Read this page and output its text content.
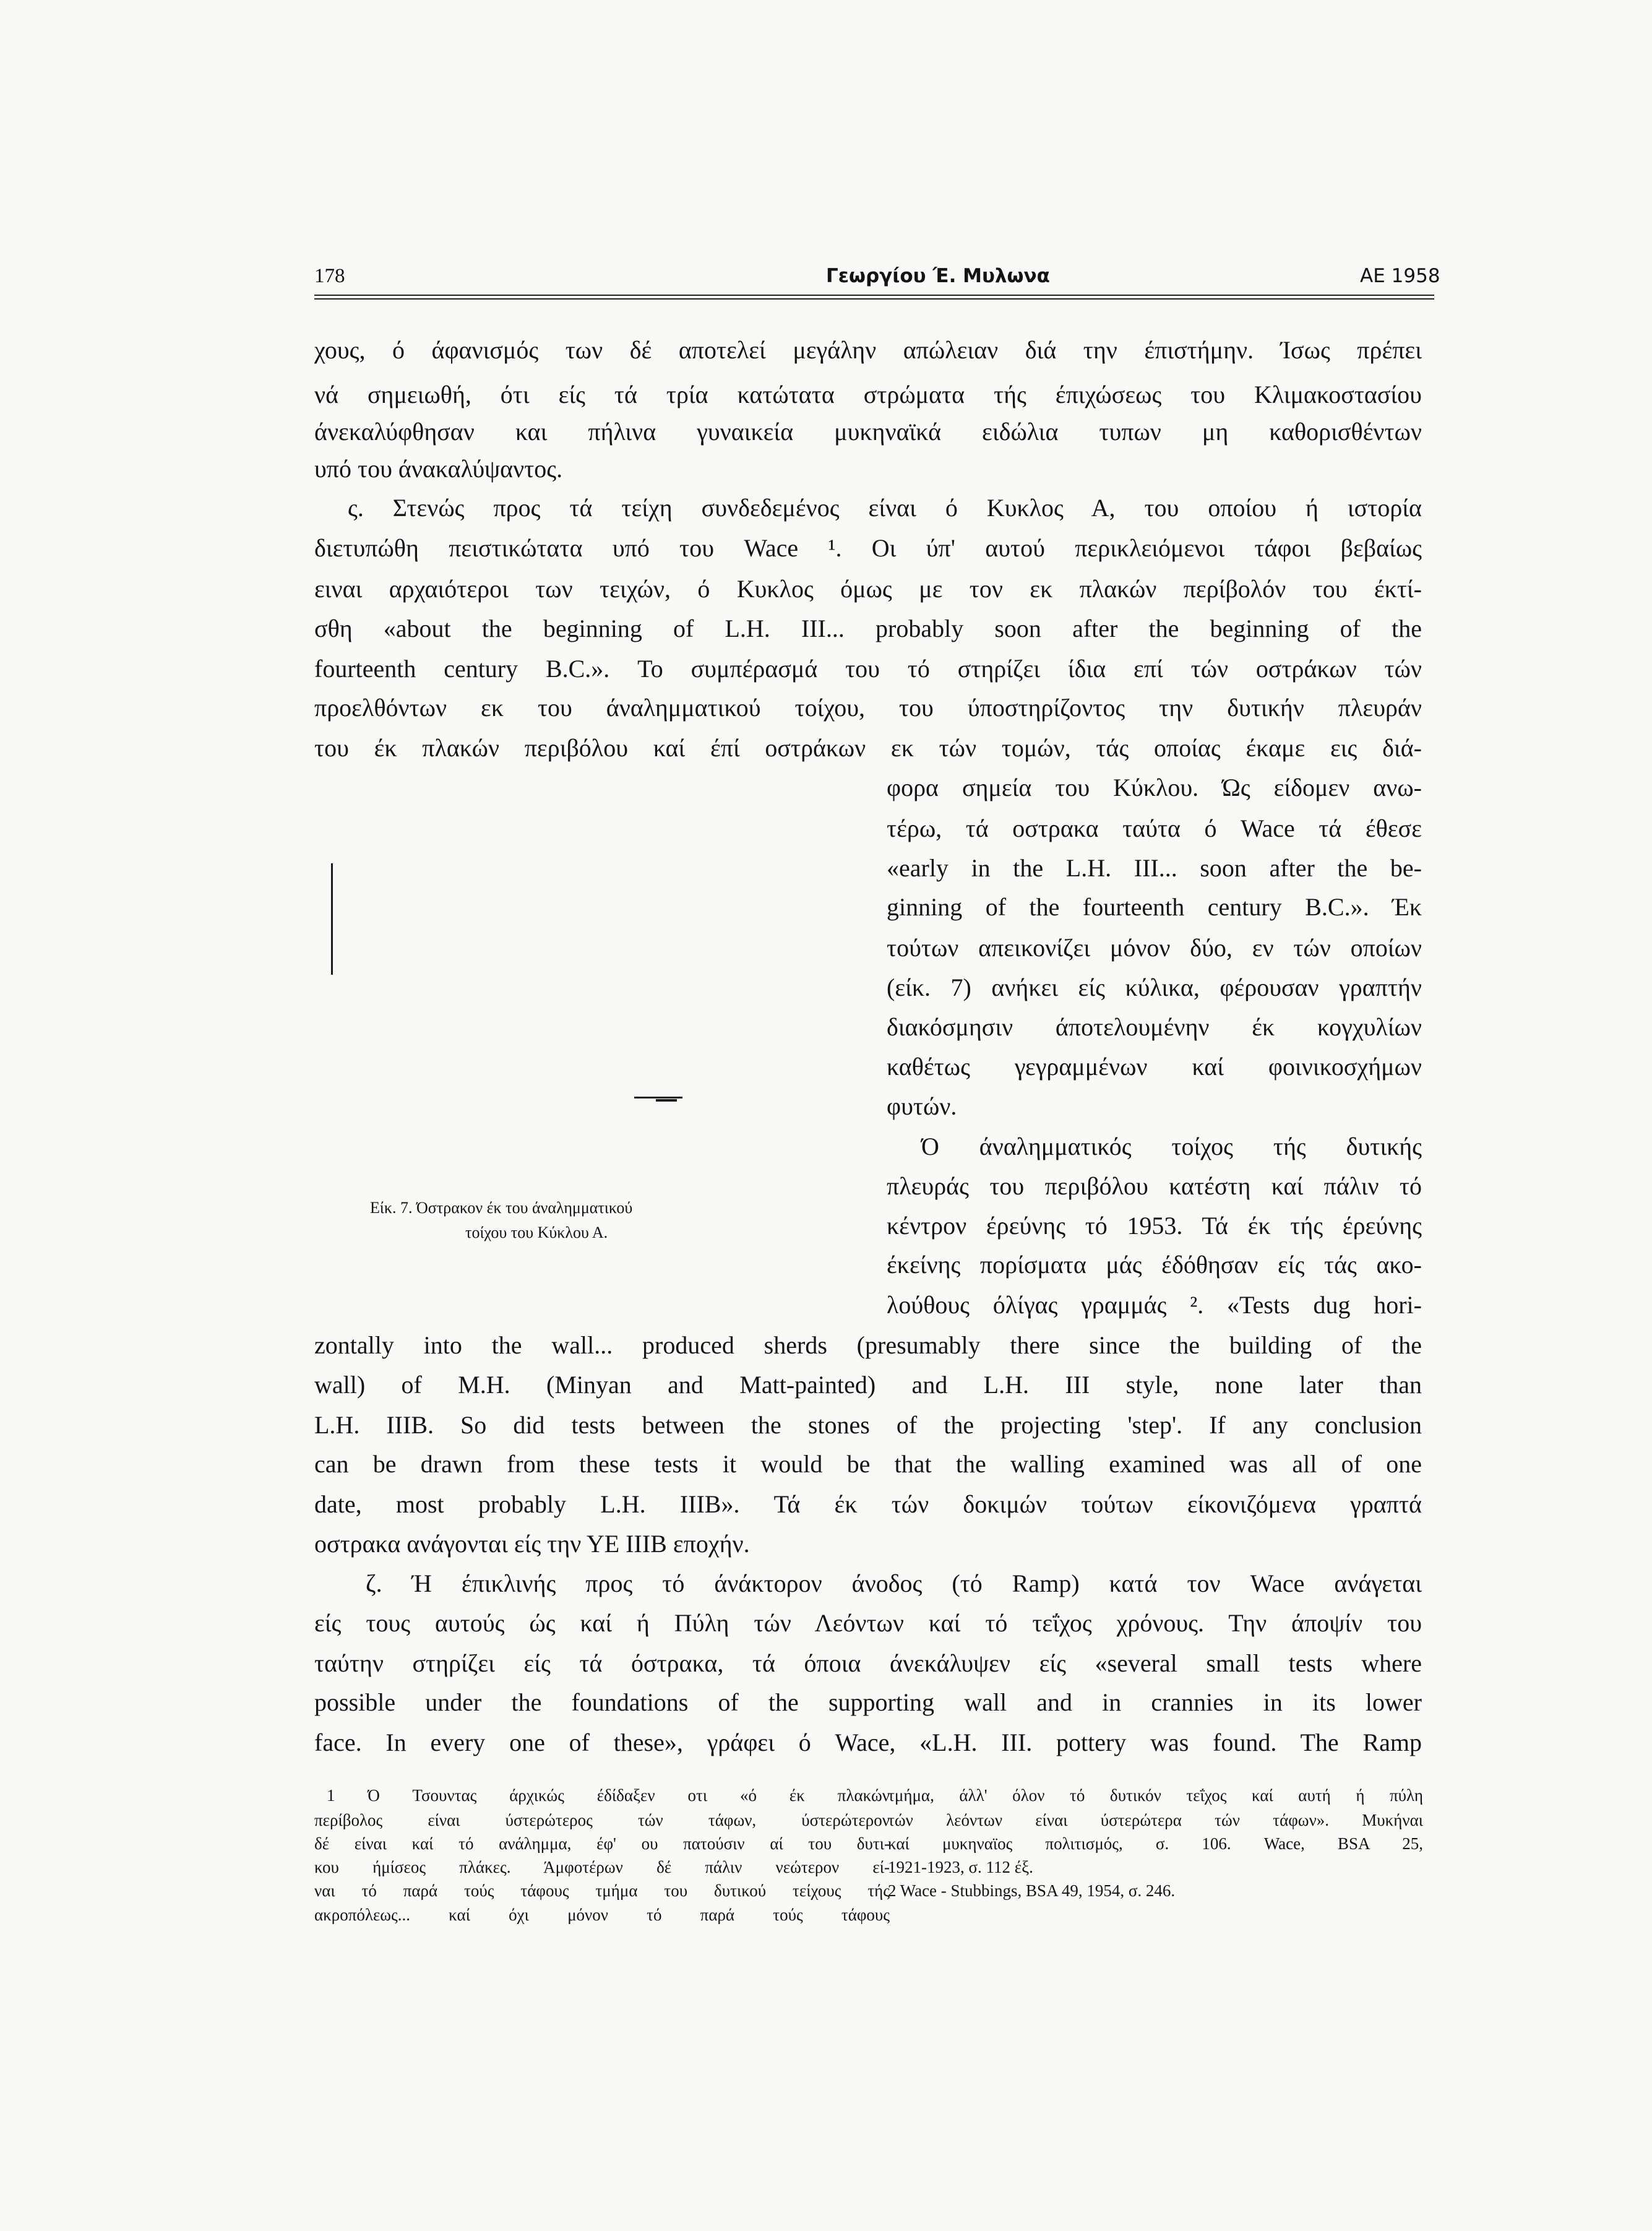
178	Γεωργίου Έ. Μυλωνα	ΑΕ 1958
χους, ό άφανισμός των δέ αποτελεί μεγάλην απώλειαν διά την έπιστήμην. Ίσως πρέπει
νά σημειωθή, ότι είς τά τρία κατώτατα στρώματα τής έπιχώσεως του Κλιμακοστασίου
άνεκαλύφθησαν και πήλινα γυναικεία μυκηναϊκά ειδώλια τυπων μη καθορισθέντων
υπό του άνακαλύψαντος.
ς. Στενώς προς τά τείχη συνδεδεμένος είναι ό Κυκλος Α, του οποίου ή ιστορία
διετυπώθη πειστικώτατα υπό του Wace ¹. Οι ύπ' αυτού περικλειόμενοι τάφοι βεβαίως
ειναι αρχαιότεροι των τειχών, ό Κυκλος όμως με τον εκ πλακών περίβολόν του έκτί-
σθη «about the beginning of L.H. III... probably soon after the beginning of the
fourteenth century B.C.». Το συμπέρασμά του τό στηρίζει ίδια επί τών οστράκων τών
προελθόντων εκ του άναλημματικού τοίχου, του ύποστηρίζοντος την δυτικήν πλευράν
του έκ πλακών περιβόλου καί έπί οστράκων εκ τών τομών, τάς οποίας έκαμε εις διά-
Είκ. 7. Όστρακον έκ του άναλημματικού
τοίχου του Κύκλου Α.
φορα σημεία του Κύκλου. Ώς είδομεν ανω-
τέρω, τά οστρακα ταύτα ό Wace τά έθεσε
«early in the L.H. III... soon after the be-
ginning of the fourteenth century B.C.». Έκ
τούτων απεικονίζει μόνον δύο, εν τών οποίων
(είκ. 7) ανήκει είς κύλικα, φέρουσαν γραπτήν
διακόσμησιν άποτελουμένην έκ κογχυλίων
καθέτως γεγραμμένων καί φοινικοσχήμων
φυτών.
Ό άναλημματικός τοίχος τής δυτικής
πλευράς του περιβόλου κατέστη καί πάλιν τό
κέντρον έρεύνης τό 1953. Τά έκ τής έρεύνης
έκείνης πορίσματα μάς έδόθησαν είς τάς ακο-
λούθους όλίγας γραμμάς ². «Tests dug hori-
zontally into the wall... produced sherds (presumably there since the building of the
wall) of M.H. (Minyan and Matt-painted) and L.H. III style, none later than
L.H. IIIB. So did tests between the stones of the projecting 'step'. If any conclusion
can be drawn from these tests it would be that the walling examined was all of one
date, most probably L.H. IIIB». Τά έκ τών δοκιμών τούτων είκονιζόμενα γραπτά
οστρακα ανάγονται είς την ΥΕ ΙΙΙΒ εποχήν.
ζ. Ή έπικλινής προς τό άνάκτορον άνοδος (τό Ramp) κατά τον Wace ανάγεται
είς τους αυτούς ώς καί ή Πύλη τών Λεόντων καί τό τεΐχος χρόνους. Την άποψίν του
ταύτην στηρίζει είς τά όστρακα, τά όποια άνεκάλυψεν είς «several small tests where
possible under the foundations of the supporting wall and in crannies in its lower
face. In every one of these», γράφει ό Wace, «L.H. III. pottery was found. The Ramp
1 Ό Τσουντας άρχικώς έδίδαξεν οτι «ό έκ πλακών
περίβολος είναι ύστερώτερος τών τάφων, ύστερώτερον
δέ είναι καί τό ανάλημμα, έφ' ου πατούσιν αί του δυτι-
κου ήμίσεος πλάκες. Άμφοτέρων δέ πάλιν νεώτερον εί-
ναι τό παρά τούς τάφους τμήμα του δυτικού τείχους τής
ακροπόλεως... καί όχι μόνον τό παρά τούς τάφους
τμήμα, άλλ' όλον τό δυτικόν τεΐχος καί αυτή ή πύλη
τών λεόντων είναι ύστερώτερα τών τάφων». Μυκήναι
καί μυκηναϊος πολιτισμός, σ. 106. Wace, BSA 25,
1921-1923, σ. 112 έξ.
2 Wace - Stubbings, BSA 49, 1954, σ. 246.
